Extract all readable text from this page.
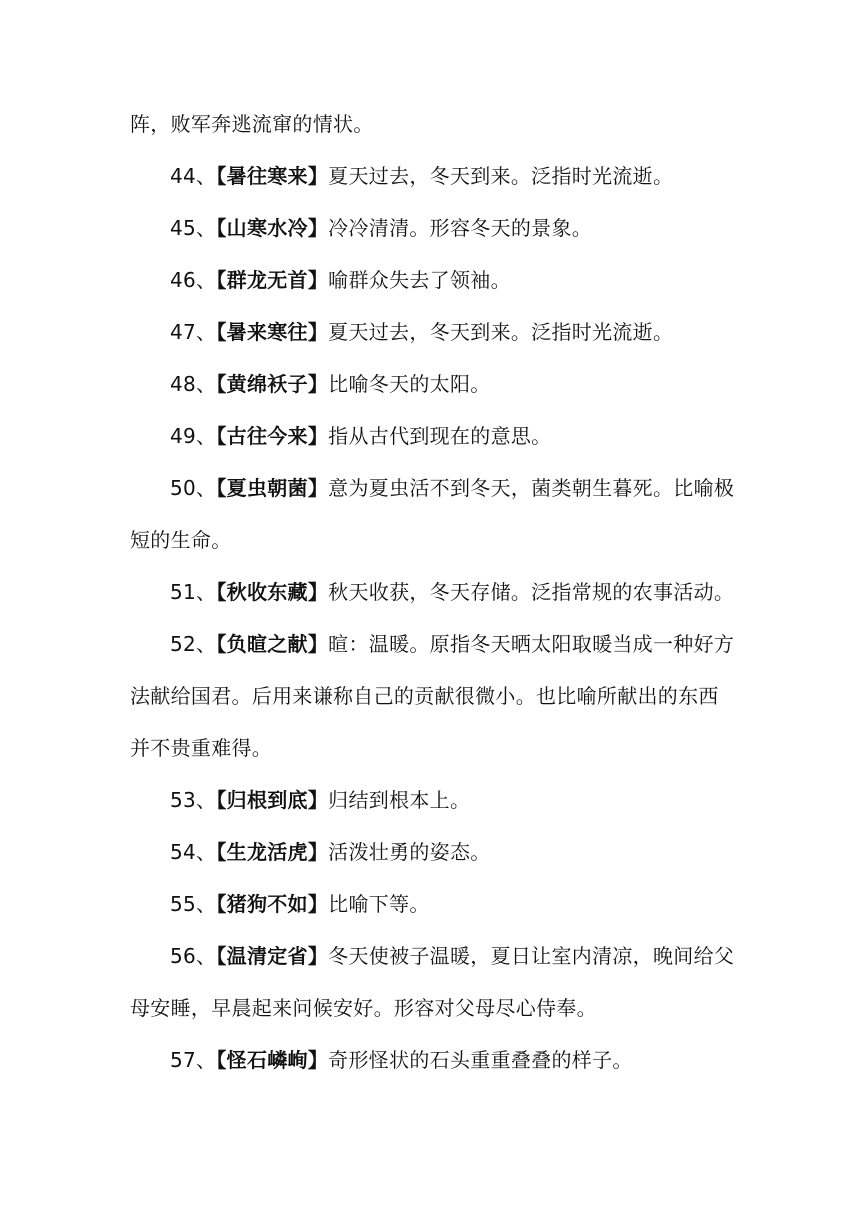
阵，败军奔逃流窜的情状。

44、【暑往寒来】夏天过去，冬天到来。泛指时光流逝。

45、【山寒水冷】冷冷清清。形容冬天的景象。

46、【群龙无首】喻群众失去了领袖。

47、【暑来寒往】夏天过去，冬天到来。泛指时光流逝。

48、【黄绵袄子】比喻冬天的太阳。

49、【古往今来】指从古代到现在的意思。

50、【夏虫朝菌】意为夏虫活不到冬天，菌类朝生暮死。比喻极短的生命。

51、【秋收东藏】秋天收获，冬天存储。泛指常规的农事活动。

52、【负暄之献】暄：温暖。原指冬天晒太阳取暖当成一种好方法献给国君。后用来谦称自己的贡献很微小。也比喻所献出的东西并不贵重难得。

53、【归根到底】归结到根本上。

54、【生龙活虎】活泼壮勇的姿态。

55、【猪狗不如】比喻下等。

56、【温清定省】冬天使被子温暖，夏日让室内清凉，晚间给父母安睡，早晨起来问候安好。形容对父母尽心侍奉。

57、【怪石嶙峋】奇形怪状的石头重重叠叠的样子。
